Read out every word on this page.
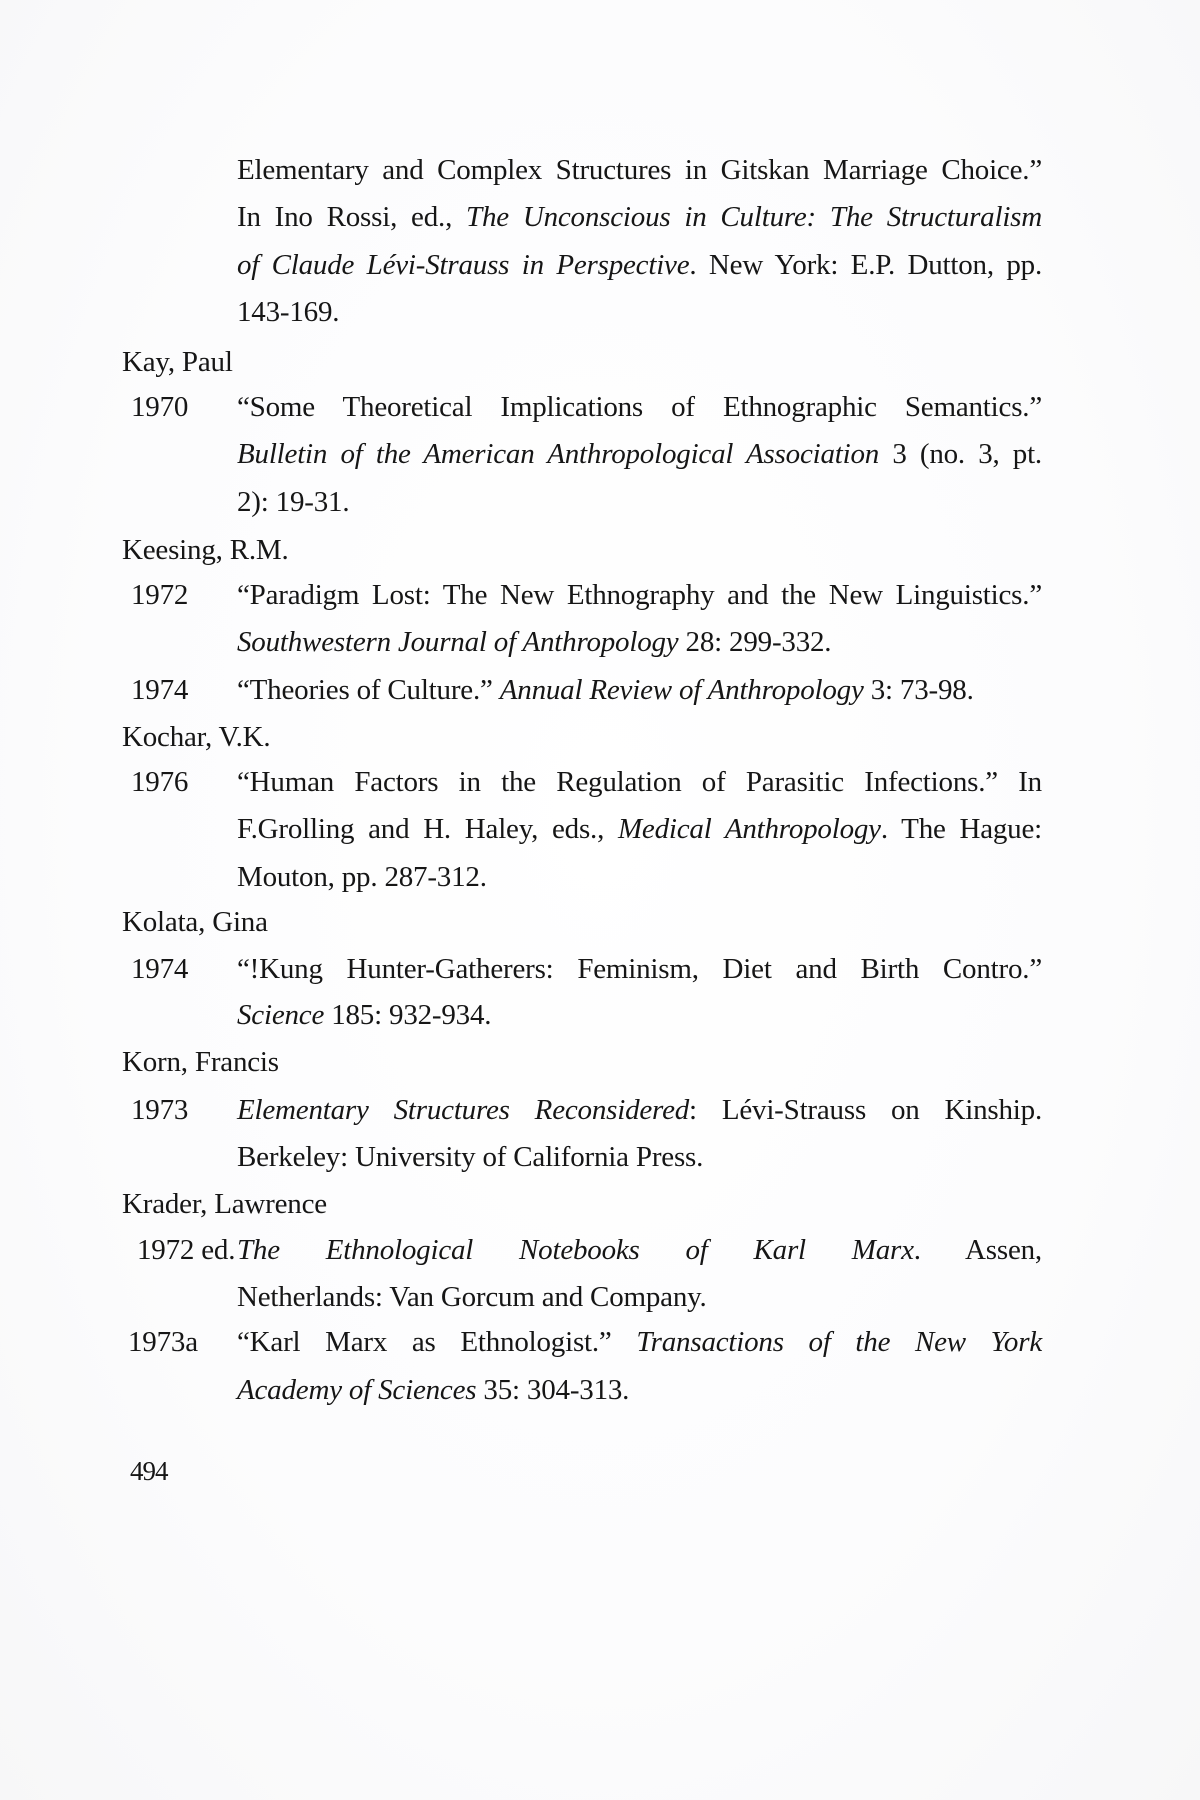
Elementary and Complex Structures in Gitskan Marriage Choice.”
In Ino Rossi, ed., The Unconscious in Culture: The Structuralism
of Claude Lévi-Strauss in Perspective. New York: E.P. Dutton, pp.
143-169.
Kay, Paul
1970 “Some Theoretical Implications of Ethnographic Semantics.”
Bulletin of the American Anthropological Association 3 (no. 3, pt.
2): 19-31.
Keesing, R.M.
1972 “Paradigm Lost: The New Ethnography and the New Linguistics.”
Southwestern Journal of Anthropology 28: 299-332.
1974 “Theories of Culture.” Annual Review of Anthropology 3: 73-98.
Kochar, V.K.
1976 “Human Factors in the Regulation of Parasitic Infections.” In
F.Grolling and H. Haley, eds., Medical Anthropology. The Hague:
Mouton, pp. 287-312.
Kolata, Gina
1974 “!Kung Hunter-Gatherers: Feminism, Diet and Birth Contro.”
Science 185: 932-934.
Korn, Francis
1973 Elementary Structures Reconsidered: Lévi-Strauss on Kinship.
Berkeley: University of California Press.
Krader, Lawrence
1972 ed. The Ethnological Notebooks of Karl Marx. Assen,
Netherlands: Van Gorcum and Company.
1973a “Karl Marx as Ethnologist.” Transactions of the New York
Academy of Sciences 35: 304-313.
494
